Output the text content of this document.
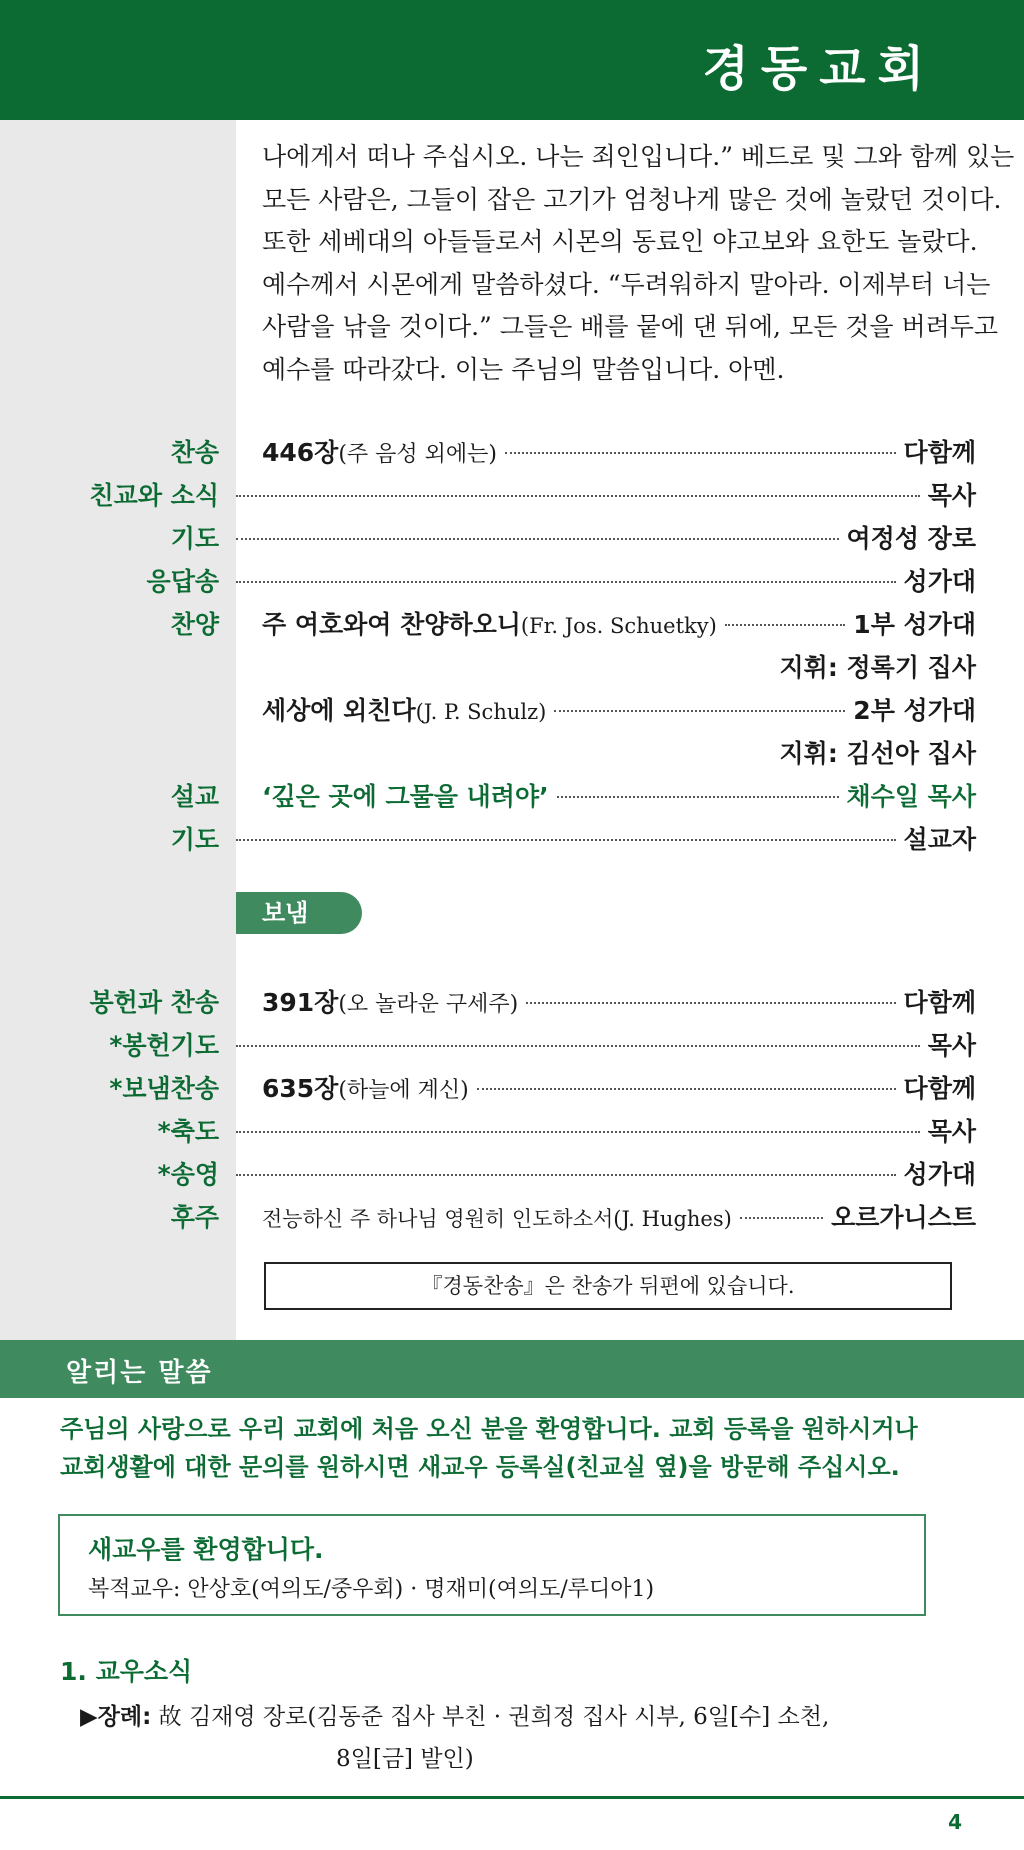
경동교회

나에게서 떠나 주십시오. 나는 죄인입니다.” 베드로 및 그와 함께 있는

모든 사람은, 그들이 잡은 고기가 엄청나게 많은 것에 놀랐던 것이다.

또한 세베대의 아들들로서 시몬의 동료인 야고보와 요한도 놀랐다.

예수께서 시몬에게 말씀하셨다. “두려워하지 말아라. 이제부터 너는

사람을 낚을 것이다.” 그들은 배를 뭍에 댄 뒤에, 모든 것을 버려두고

예수를 따라갔다. 이는 주님의 말씀입니다. 아멘.

찬송 446장 (주 음성 외에는)	다함께
친교와 소식	목사
기도	여정성 장로
응답송	성가대
찬양 주 여호와여 찬양하오니 (Fr. Jos. Schuetky)	1부 성가대
지휘: 정록기 집사
세상에 외친다 (J. P. Schulz)	2부 성가대
지휘: 김선아 집사
설교 ‘깊은 곳에 그물을 내려야’	채수일 목사
기도	설교자
보냄
봉헌과 찬송 391장 (오 놀라운 구세주)	다함께
*봉헌기도	목사
*보냄찬송 635장 (하늘에 계신)	다함께
*축도	목사
*송영	성가대
후주 전능하신 주 하나님 영원히 인도하소서(J. Hughes)	오르가니스트
『경동찬송』은 찬송가 뒤편에 있습니다.
알리는 말씀

주님의 사랑으로 우리 교회에 처음 오신 분을 환영합니다. 교회 등록을 원하시거나

교회생활에 대한 문의를 원하시면 새교우 등록실(친교실 옆)을 방문해 주십시오.

새교우를 환영합니다.
복적교우: 안상호(여의도/중우회) · 명재미(여의도/루디아1)
1. 교우소식
▶장례: 故 김재영 장로(김동준 집사 부친 · 권희정 집사 시부, 6일[수] 소천,
8일[금] 발인)
4
